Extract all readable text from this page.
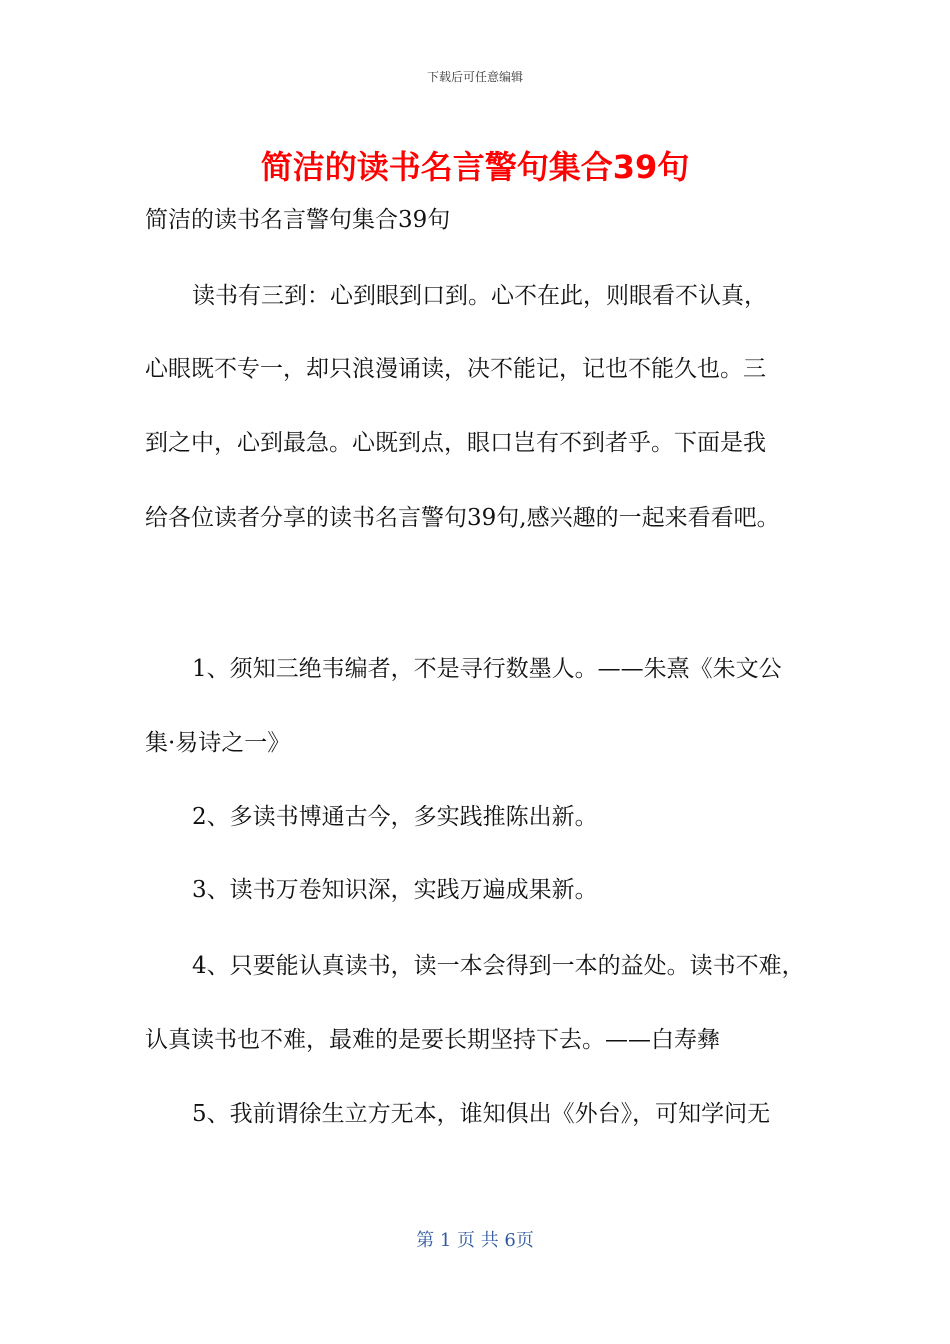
下载后可任意编辑
简洁的读书名言警句集合39句
简洁的读书名言警句集合39句
读书有三到：心到眼到口到。心不在此，则眼看不认真，
心眼既不专一，却只浪漫诵读，决不能记，记也不能久也。三
到之中，心到最急。心既到点，眼口岂有不到者乎。下面是我
给各位读者分享的读书名言警句39句,感兴趣的一起来看看吧。
1、须知三绝韦编者，不是寻行数墨人。——朱熹《朱文公
集·易诗之一》
2、多读书博通古今，多实践推陈出新。
3、读书万卷知识深，实践万遍成果新。
4、只要能认真读书，读一本会得到一本的益处。读书不难，
认真读书也不难，最难的是要长期坚持下去。——白寿彝
5、我前谓徐生立方无本，谁知俱出《外台》，可知学问无
第 1 页 共 6页
